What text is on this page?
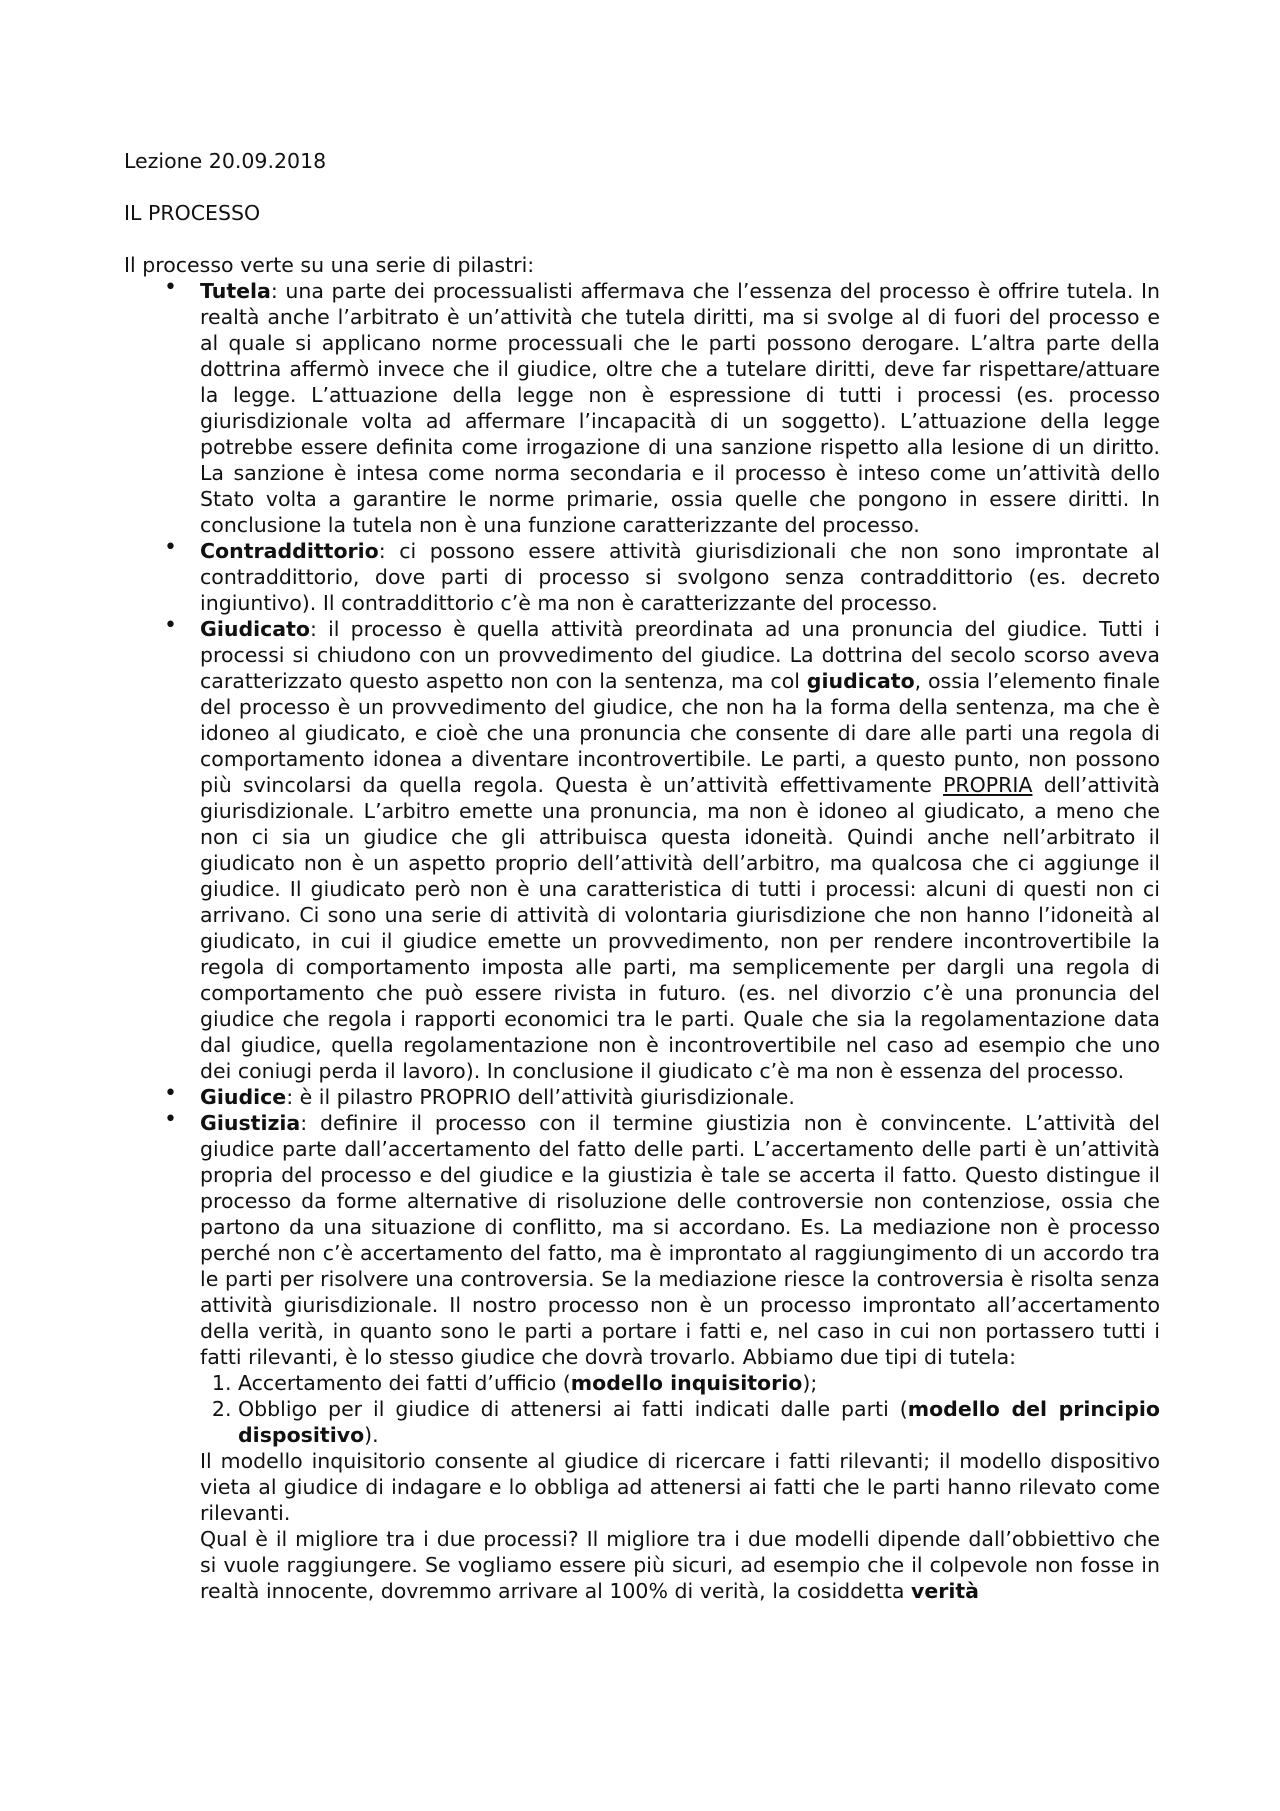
Lezione 20.09.2018
IL PROCESSO
Il processo verte su una serie di pilastri:
• Tutela: una parte dei processualisti affermava che l’essenza del processo è offrire tutela. In realtà anche l’arbitrato è un’attività che tutela diritti, ma si svolge al di fuori del processo e al quale si applicano norme processuali che le parti possono derogare. L’altra parte della dottrina affermò invece che il giudice, oltre che a tutelare diritti, deve far rispettare/attuare la legge. L’attuazione della legge non è espressione di tutti i processi (es. processo giurisdizionale volta ad affermare l’incapacità di un soggetto). L’attuazione della legge potrebbe essere definita come irrogazione di una sanzione rispetto alla lesione di un diritto. La sanzione è intesa come norma secondaria e il processo è inteso come un’attività dello Stato volta a garantire le norme primarie, ossia quelle che pongono in essere diritti. In conclusione la tutela non è una funzione caratterizzante del processo.
• Contraddittorio: ci possono essere attività giurisdizionali che non sono improntate al contraddittorio, dove parti di processo si svolgono senza contraddittorio (es. decreto ingiuntivo). Il contraddittorio c’è ma non è caratterizzante del processo.
• Giudicato: il processo è quella attività preordinata ad una pronuncia del giudice. Tutti i processi si chiudono con un provvedimento del giudice. La dottrina del secolo scorso aveva caratterizzato questo aspetto non con la sentenza, ma col giudicato, ossia l’elemento finale del processo è un provvedimento del giudice, che non ha la forma della sentenza, ma che è idoneo al giudicato, e cioè che una pronuncia che consente di dare alle parti una regola di comportamento idonea a diventare incontrovertibile. Le parti, a questo punto, non possono più svincolarsi da quella regola. Questa è un’attività effettivamente PROPRIA dell’attività giurisdizionale. L’arbitro emette una pronuncia, ma non è idoneo al giudicato, a meno che non ci sia un giudice che gli attribuisca questa idoneità. Quindi anche nell’arbitrato il giudicato non è un aspetto proprio dell’attività dell’arbitro, ma qualcosa che ci aggiunge il giudice. Il giudicato però non è una caratteristica di tutti i processi: alcuni di questi non ci arrivano. Ci sono una serie di attività di volontaria giurisdizione che non hanno l’idoneità al giudicato, in cui il giudice emette un provvedimento, non per rendere incontrovertibile la regola di comportamento imposta alle parti, ma semplicemente per dargli una regola di comportamento che può essere rivista in futuro. (es. nel divorzio c’è una pronuncia del giudice che regola i rapporti economici tra le parti. Quale che sia la regolamentazione data dal giudice, quella regolamentazione non è incontrovertibile nel caso ad esempio che uno dei coniugi perda il lavoro). In conclusione il giudicato c’è ma non è essenza del processo.
• Giudice: è il pilastro PROPRIO dell’attività giurisdizionale.
• Giustizia: definire il processo con il termine giustizia non è convincente. L’attività del giudice parte dall’accertamento del fatto delle parti. L’accertamento delle parti è un’attività propria del processo e del giudice e la giustizia è tale se accerta il fatto. Questo distingue il processo da forme alternative di risoluzione delle controversie non contenziose, ossia che partono da una situazione di conflitto, ma si accordano. Es. La mediazione non è processo perché non c’è accertamento del fatto, ma è improntato al raggiungimento di un accordo tra le parti per risolvere una controversia. Se la mediazione riesce la controversia è risolta senza attività giurisdizionale. Il nostro processo non è un processo improntato all’accertamento della verità, in quanto sono le parti a portare i fatti e, nel caso in cui non portassero tutti i fatti rilevanti, è lo stesso giudice che dovrà trovarlo. Abbiamo due tipi di tutela:
1. Accertamento dei fatti d’ufficio (modello inquisitorio);
2. Obbligo per il giudice di attenersi ai fatti indicati dalle parti (modello del principio dispositivo).
Il modello inquisitorio consente al giudice di ricercare i fatti rilevanti; il modello dispositivo vieta al giudice di indagare e lo obbliga ad attenersi ai fatti che le parti hanno rilevato come rilevanti.
Qual è il migliore tra i due processi? Il migliore tra i due modelli dipende dall’obbiettivo che si vuole raggiungere. Se vogliamo essere più sicuri, ad esempio che il colpevole non fosse in realtà innocente, dovremmo arrivare al 100% di verità, la cosiddetta verità
